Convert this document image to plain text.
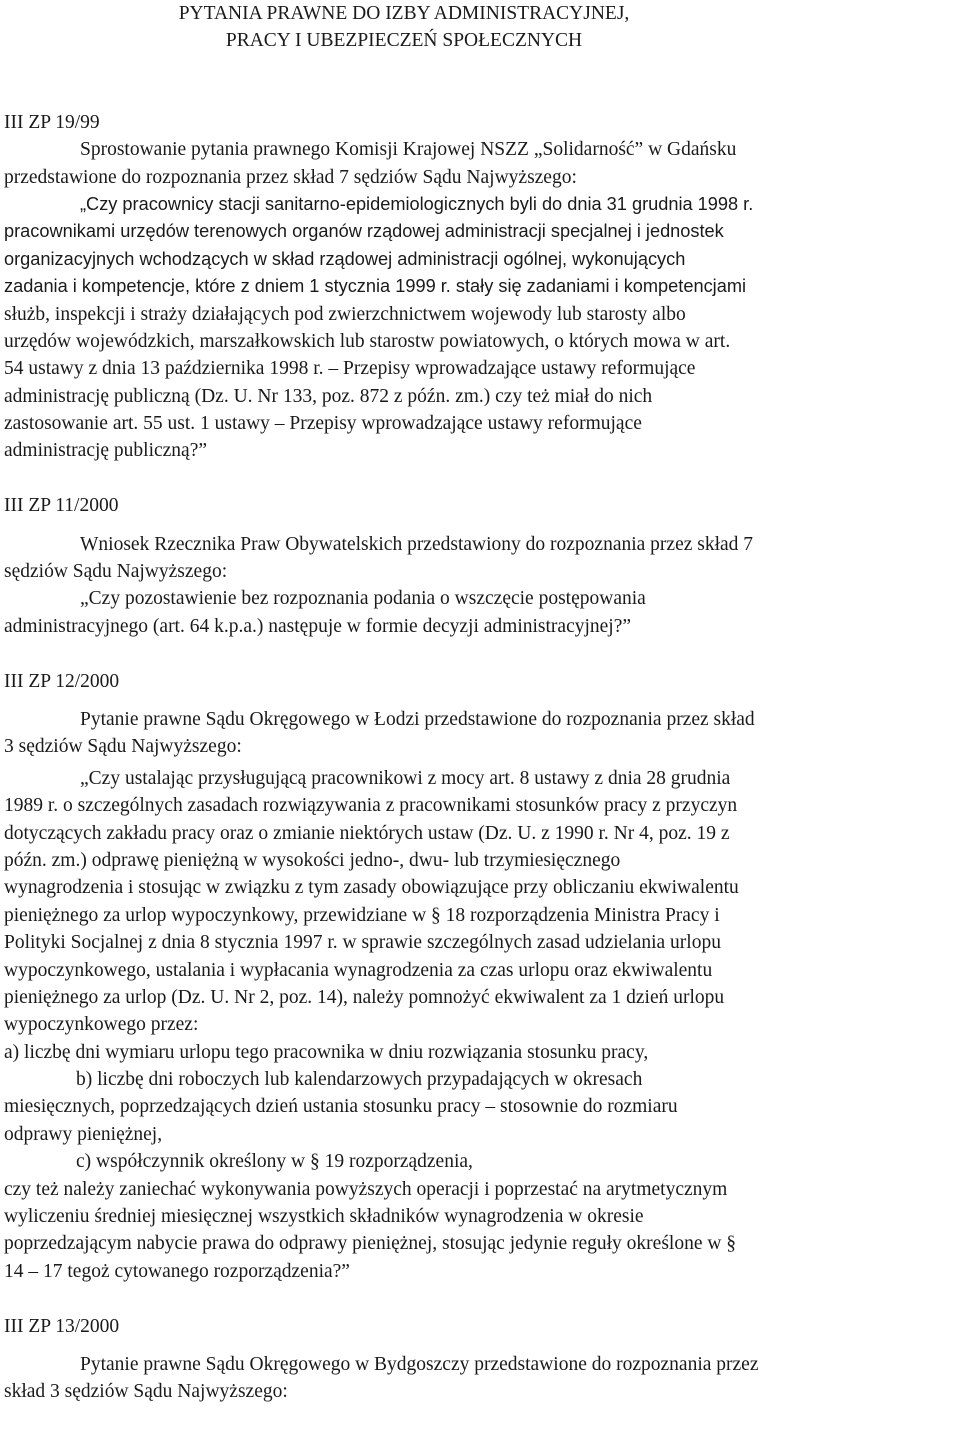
PYTANIA PRAWNE DO IZBY ADMINISTRACYJNEJ,
PRACY I UBEZPIECZEŃ SPOŁECZNYCH
III ZP 19/99
Sprostowanie pytania prawnego Komisji Krajowej NSZZ „Solidarność” w Gdańsku
przedstawione do rozpoznania przez skład 7 sędziów Sądu Najwyższego:
„Czy pracownicy stacji sanitarno-epidemiologicznych byli do dnia 31 grudnia 1998 r.
pracownikami urzędów terenowych organów rządowej administracji specjalnej i jednostek
organizacyjnych wchodzących w skład rządowej administracji ogólnej, wykonujących
zadania i kompetencje, które z dniem 1 stycznia 1999 r. stały się zadaniami i kompetencjami
służb, inspekcji i straży działających pod zwierzchnictwem wojewody lub starosty albo
urzędów wojewódzkich, marszałkowskich lub starostw powiatowych, o których mowa w art.
54 ustawy z dnia 13 października 1998 r. – Przepisy wprowadzające ustawy reformujące
administrację publiczną (Dz. U. Nr 133, poz. 872 z późn. zm.) czy też miał do nich
zastosowanie art. 55 ust. 1 ustawy – Przepisy wprowadzające ustawy reformujące
administrację publiczną?”
III ZP 11/2000
Wniosek Rzecznika Praw Obywatelskich przedstawiony do rozpoznania przez skład 7
sędziów Sądu Najwyższego:
„Czy pozostawienie bez rozpoznania podania o wszczęcie postępowania
administracyjnego (art. 64 k.p.a.) następuje w formie decyzji administracyjnej?”
III ZP 12/2000
Pytanie prawne Sądu Okręgowego w Łodzi przedstawione do rozpoznania przez skład
3 sędziów Sądu Najwyższego:
„Czy ustalając przysługującą pracownikowi z mocy art. 8 ustawy z dnia 28 grudnia
1989 r. o szczególnych zasadach rozwiązywania z pracownikami stosunków pracy z przyczyn
dotyczących zakładu pracy oraz o zmianie niektórych ustaw (Dz. U. z 1990 r. Nr 4, poz. 19 z
późn. zm.) odprawę pieniężną w wysokości jedno-, dwu- lub trzymiesięcznego
wynagrodzenia i stosując w związku z tym zasady obowiązujące przy obliczaniu ekwiwalentu
pieniężnego za urlop wypoczynkowy, przewidziane w § 18 rozporządzenia Ministra Pracy i
Polityki Socjalnej z dnia 8 stycznia 1997 r. w sprawie szczególnych zasad udzielania urlopu
wypoczynkowego, ustalania i wypłacania wynagrodzenia za czas urlopu oraz ekwiwalentu
pieniężnego za urlop (Dz. U. Nr 2, poz. 14), należy pomnożyć ekwiwalent za 1 dzień urlopu
wypoczynkowego przez:
a) liczbę dni wymiaru urlopu tego pracownika w dniu rozwiązania stosunku pracy,
b) liczbę dni roboczych lub kalendarzowych przypadających w okresach
miesięcznych, poprzedzających dzień ustania stosunku pracy – stosownie do rozmiaru
odprawy pieniężnej,
c) współczynnik określony w § 19 rozporządzenia,
czy też należy zaniechać wykonywania powyższych operacji i poprzestać na arytmetycznym
wyliczeniu średniej miesięcznej wszystkich składników wynagrodzenia w okresie
poprzedzającym nabycie prawa do odprawy pieniężnej, stosując jedynie reguły określone w §
14 – 17 tegoż cytowanego rozporządzenia?”
III ZP 13/2000
Pytanie prawne Sądu Okręgowego w Bydgoszczy przedstawione do rozpoznania przez
skład 3 sędziów Sądu Najwyższego:
